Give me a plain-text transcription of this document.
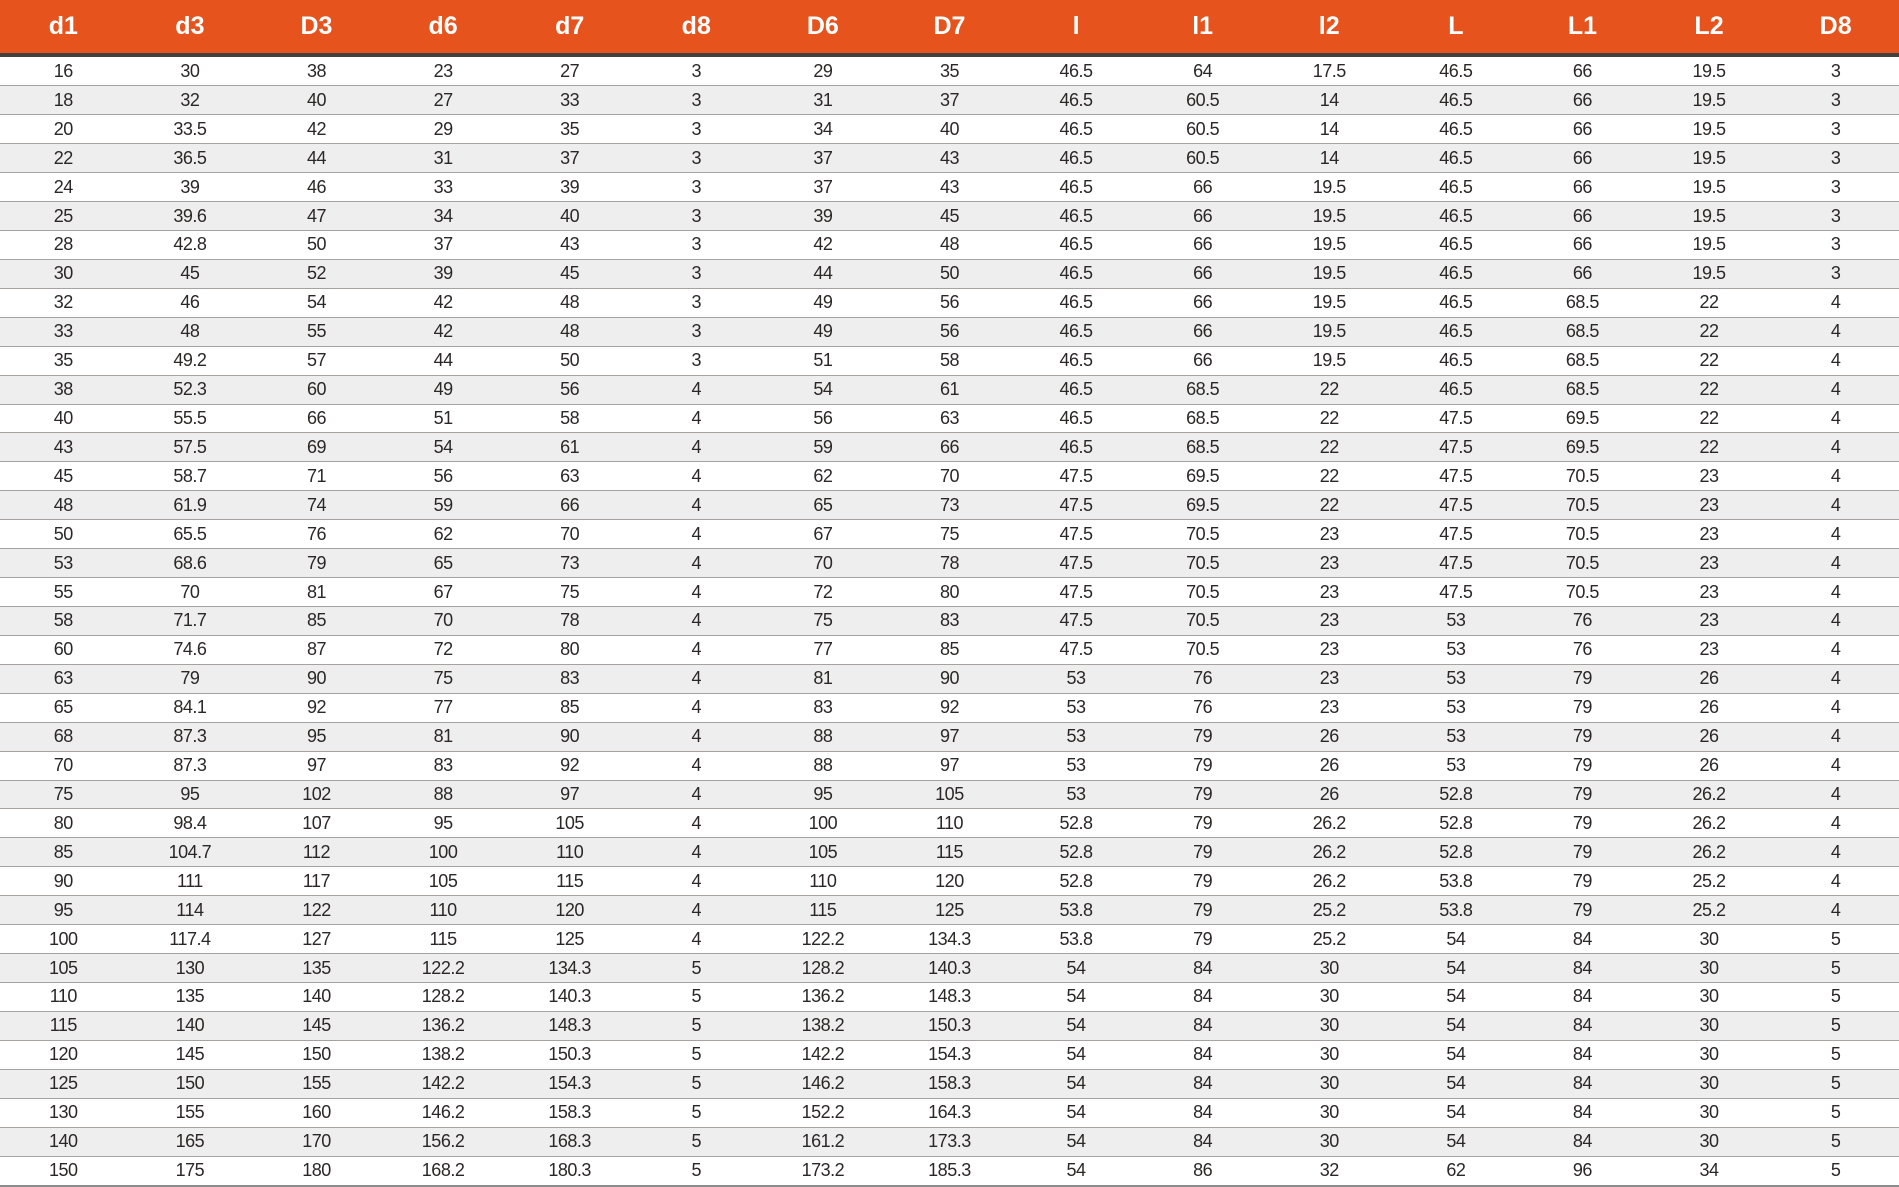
d1	d3	D3	d6	d7	d8	D6	D7	l	l1	l2	L	L1	L2	D8
16	30	38	23	27	3	29	35	46.5	64	17.5	46.5	66	19.5	3
18	32	40	27	33	3	31	37	46.5	60.5	14	46.5	66	19.5	3
20	33.5	42	29	35	3	34	40	46.5	60.5	14	46.5	66	19.5	3
22	36.5	44	31	37	3	37	43	46.5	60.5	14	46.5	66	19.5	3
24	39	46	33	39	3	37	43	46.5	66	19.5	46.5	66	19.5	3
25	39.6	47	34	40	3	39	45	46.5	66	19.5	46.5	66	19.5	3
28	42.8	50	37	43	3	42	48	46.5	66	19.5	46.5	66	19.5	3
30	45	52	39	45	3	44	50	46.5	66	19.5	46.5	66	19.5	3
32	46	54	42	48	3	49	56	46.5	66	19.5	46.5	68.5	22	4
33	48	55	42	48	3	49	56	46.5	66	19.5	46.5	68.5	22	4
35	49.2	57	44	50	3	51	58	46.5	66	19.5	46.5	68.5	22	4
38	52.3	60	49	56	4	54	61	46.5	68.5	22	46.5	68.5	22	4
40	55.5	66	51	58	4	56	63	46.5	68.5	22	47.5	69.5	22	4
43	57.5	69	54	61	4	59	66	46.5	68.5	22	47.5	69.5	22	4
45	58.7	71	56	63	4	62	70	47.5	69.5	22	47.5	70.5	23	4
48	61.9	74	59	66	4	65	73	47.5	69.5	22	47.5	70.5	23	4
50	65.5	76	62	70	4	67	75	47.5	70.5	23	47.5	70.5	23	4
53	68.6	79	65	73	4	70	78	47.5	70.5	23	47.5	70.5	23	4
55	70	81	67	75	4	72	80	47.5	70.5	23	47.5	70.5	23	4
58	71.7	85	70	78	4	75	83	47.5	70.5	23	53	76	23	4
60	74.6	87	72	80	4	77	85	47.5	70.5	23	53	76	23	4
63	79	90	75	83	4	81	90	53	76	23	53	79	26	4
65	84.1	92	77	85	4	83	92	53	76	23	53	79	26	4
68	87.3	95	81	90	4	88	97	53	79	26	53	79	26	4
70	87.3	97	83	92	4	88	97	53	79	26	53	79	26	4
75	95	102	88	97	4	95	105	53	79	26	52.8	79	26.2	4
80	98.4	107	95	105	4	100	110	52.8	79	26.2	52.8	79	26.2	4
85	104.7	112	100	110	4	105	115	52.8	79	26.2	52.8	79	26.2	4
90	111	117	105	115	4	110	120	52.8	79	26.2	53.8	79	25.2	4
95	114	122	110	120	4	115	125	53.8	79	25.2	53.8	79	25.2	4
100	117.4	127	115	125	4	122.2	134.3	53.8	79	25.2	54	84	30	5
105	130	135	122.2	134.3	5	128.2	140.3	54	84	30	54	84	30	5
110	135	140	128.2	140.3	5	136.2	148.3	54	84	30	54	84	30	5
115	140	145	136.2	148.3	5	138.2	150.3	54	84	30	54	84	30	5
120	145	150	138.2	150.3	5	142.2	154.3	54	84	30	54	84	30	5
125	150	155	142.2	154.3	5	146.2	158.3	54	84	30	54	84	30	5
130	155	160	146.2	158.3	5	152.2	164.3	54	84	30	54	84	30	5
140	165	170	156.2	168.3	5	161.2	173.3	54	84	30	54	84	30	5
150	175	180	168.2	180.3	5	173.2	185.3	54	86	32	62	96	34	5
